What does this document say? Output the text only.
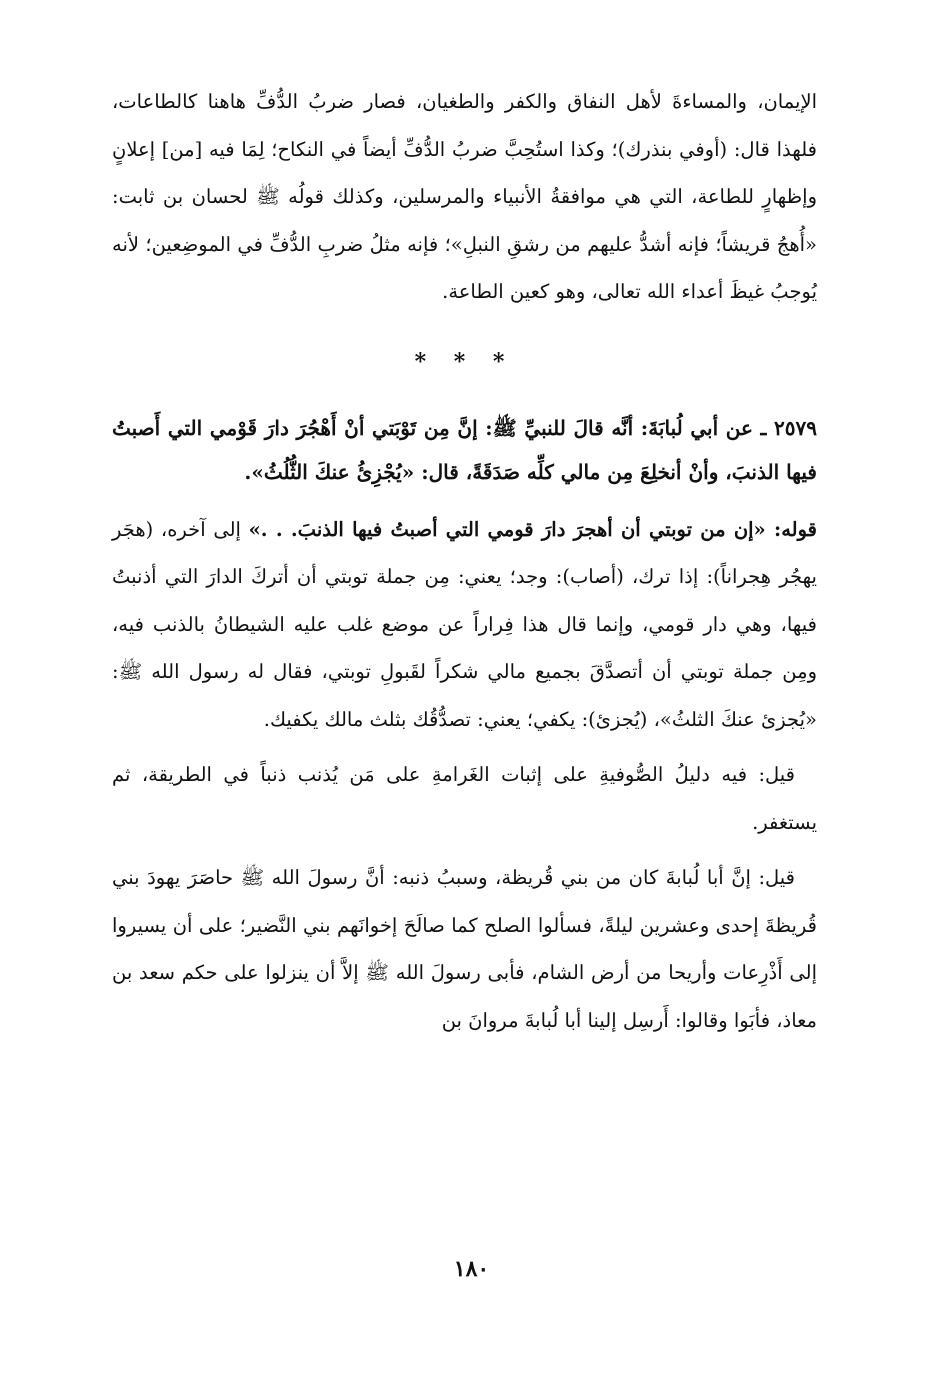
الإيمان، والمساءةَ لأهل النفاق والكفر والطغيان، فصار ضربُ الدُّفِّ هاهنا كالطاعات، فلهذا قال: (أوفي بنذرك)؛ وكذا استُحِبَّ ضربُ الدُّفِّ أيضاً في النكاح؛ لِمَا فيه [من] إعلانٍ وإظهارٍ للطاعة، التي هي موافقةُ الأنبياء والمرسلين، وكذلك قولُه ﷺ لحسان بن ثابت: «أُهجُ قريشاً؛ فإنه أشدُّ عليهم من رشقِ النبلِ»؛ فإنه مثلُ ضربِ الدُّفِّ في الموضِعين؛ لأنه يُوجبُ غيظَ أعداء الله تعالى، وهو كعين الطاعة.

* * *

٢٥٧٩ ـ عن أبي لُبابَةَ: أنَّه قالَ للنبيِّ ﷺ: إنَّ مِن تَوْبَتي أنْ أَهْجُرَ دارَ قَوْمي التي أَصبتُ فيها الذنبَ، وأنْ أنخلِعَ مِن مالي كلِّه صَدَقَةً، قال: «يُجْزِئُ عنكَ الثُّلُثُ».

قوله: «إن من توبتي أن أهجرَ دارَ قومي التي أصبتُ فيها الذنبَ. . .» إلى آخره، (هجَر يهجُر هِجراناً): إذا ترك، (أصاب): وجد؛ يعني: مِن جملة توبتي أن أتركَ الدارَ التي أذنبتُ فيها، وهي دار قومي، وإنما قال هذا فِراراً عن موضع غلب عليه الشيطانُ بالذنب فيه، ومِن جملة توبتي أن أتصدَّقَ بجميع مالي شكراً لقَبولِ توبتي، فقال له رسول الله ﷺ: «يُجزئ عنكَ الثلثُ»، (يُجزئ): يكفي؛ يعني: تصدُّقُك بثلث مالك يكفيك.

قيل: فيه دليلُ الصُّوفيةِ على إثبات الغَرامةِ على مَن يُذنب ذنباً في الطريقة، ثم يستغفر.

قيل: إنَّ أبا لُبابةَ كان من بني قُريظة، وسببُ ذنبه: أنَّ رسولَ الله ﷺ حاصَرَ يهودَ بني قُريظةَ إحدى وعشرين ليلةً، فسألوا الصلح كما صالَحَ إخوانَهم بني النَّضير؛ على أن يسيروا إلى أَذْرِعات وأريحا من أرض الشام، فأبى رسولَ الله ﷺ إلاَّ أن ينزلوا على حكم سعد بن معاذ، فأبَوا وقالوا: أَرسِل إلينا أبا لُبابةَ مروانَ بن

١٨٠
